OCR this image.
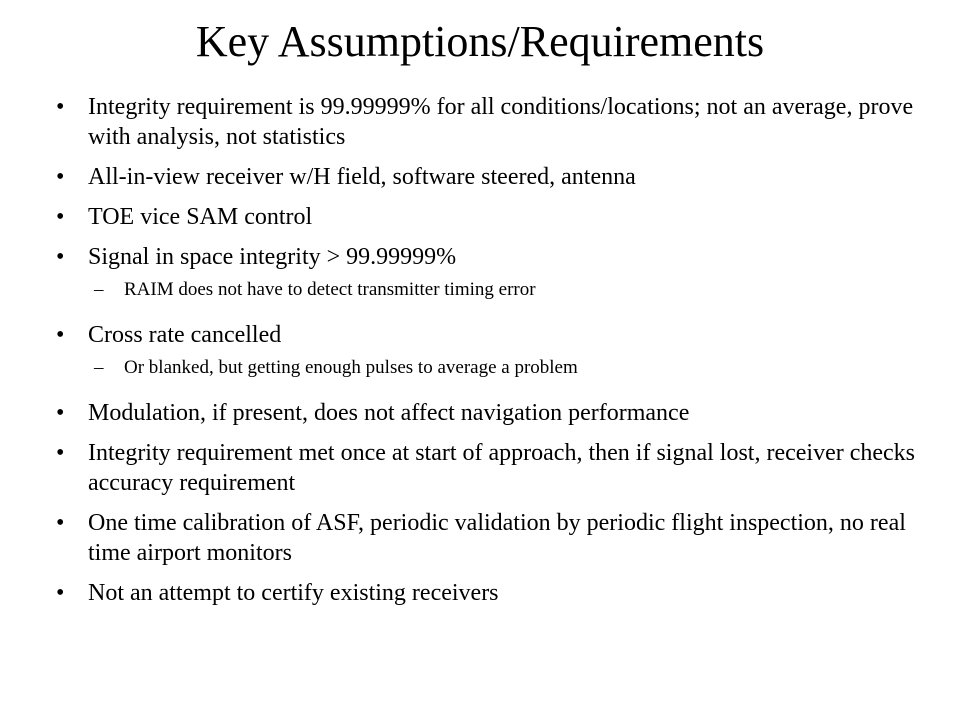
Key Assumptions/Requirements
• Integrity requirement is 99.99999% for all conditions/locations; not an average, prove with analysis, not statistics
• All-in-view receiver w/H field, software steered, antenna
• TOE vice SAM control
• Signal in space integrity > 99.99999%
– RAIM does not have to detect transmitter timing error
• Cross rate cancelled
– Or blanked, but getting enough pulses to average a problem
• Modulation, if present, does not affect navigation performance
• Integrity requirement met once at start of approach, then if signal lost, receiver checks accuracy requirement
• One time calibration of ASF, periodic validation by periodic flight inspection, no real time airport monitors
• Not an attempt to certify existing receivers
